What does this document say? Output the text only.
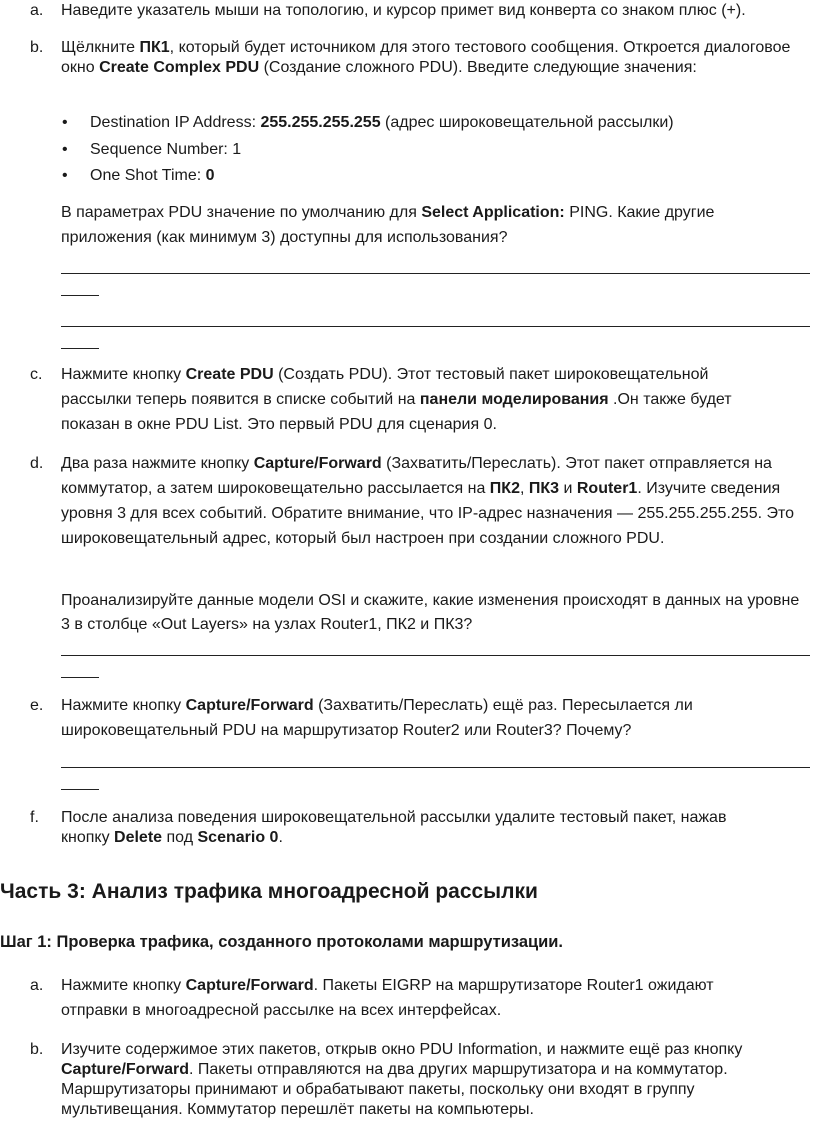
a.	Наведите указатель мыши на топологию, и курсор примет вид конверта со знаком плюс (+).
b.	Щёлкните ПК1, который будет источником для этого тестового сообщения. Откроется диалоговое окно Create Complex PDU (Создание сложного PDU). Введите следующие значения:
• Destination IP Address: 255.255.255.255 (адрес широковещательной рассылки)
• Sequence Number: 1
• One Shot Time: 0
В параметрах PDU значение по умолчанию для Select Application: PING. Какие другие приложения (как минимум 3) доступны для использования?
c.	Нажмите кнопку Create PDU (Создать PDU). Этот тестовый пакет широковещательной рассылки теперь появится в списке событий на панели моделирования .Он также будет показан в окне PDU List. Это первый PDU для сценария 0.
d.	Два раза нажмите кнопку Capture/Forward (Захватить/Переслать). Этот пакет отправляется на коммутатор, а затем широковещательно рассылается на ПК2, ПК3 и Router1. Изучите сведения уровня 3 для всех событий. Обратите внимание, что IP-адрес назначения — 255.255.255.255. Это широковещательный адрес, который был настроен при создании сложного PDU.
Проанализируйте данные модели OSI и скажите, какие изменения происходят в данных на уровне 3 в столбце «Out Layers» на узлах Router1, ПК2 и ПК3?
e.	Нажмите кнопку Capture/Forward (Захватить/Переслать) ещё раз. Пересылается ли широковещательный PDU на маршрутизатор Router2 или Router3? Почему?
f.	После анализа поведения широковещательной рассылки удалите тестовый пакет, нажав кнопку Delete под Scenario 0.
Часть 3: Анализ трафика многоадресной рассылки
Шаг 1: Проверка трафика, созданного протоколами маршрутизации.
a.	Нажмите кнопку Capture/Forward. Пакеты EIGRP на маршрутизаторе Router1 ожидают отправки в многоадресной рассылке на всех интерфейсах.
b.	Изучите содержимое этих пакетов, открыв окно PDU Information, и нажмите ещё раз кнопку Capture/Forward. Пакеты отправляются на два других маршрутизатора и на коммутатор. Маршрутизаторы принимают и обрабатывают пакеты, поскольку они входят в группу мультивещания. Коммутатор перешлёт пакеты на компьютеры.
